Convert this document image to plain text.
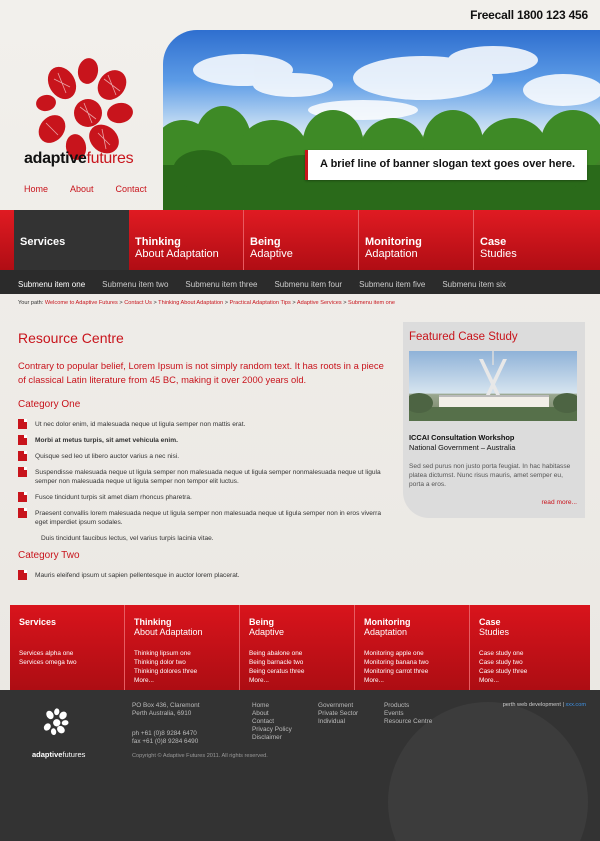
Freecall 1800 123 456
adaptivefutures
Home About Contact
A brief line of banner slogan text goes over here.
Services	Thinking
About Adaptation
Being
Adaptive
Monitoring
Adaptation
Case
Studies
Submenu item one Submenu item two Submenu item three Submenu item four Submenu item five Submenu item six
Your path: Welcome to Adaptive Futures > Contact Us > Thinking About Adaptation > Practical Adaptation Tips > Adaptive Services > Submenu item one
Resource Centre
Contrary to popular belief, Lorem Ipsum is not simply random text. It has roots in a piece of classical Latin literature from 45 BC, making it over 2000 years old.
Category One
Ut nec dolor enim, id malesuada neque ut ligula semper non mattis erat.
Morbi at metus turpis, sit amet vehicula enim.
Quisque sed leo ut libero auctor varius a nec nisi.
Suspendisse malesuada neque ut ligula semper non malesuada neque ut ligula semper nonmalesuada neque ut ligula semper non malesuada neque ut ligula semper non tempor elit luctus.
Fusce tincidunt turpis sit amet diam rhoncus pharetra.
Praesent convallis lorem malesuada neque ut ligula semper non malesuada neque ut ligula semper non in eros viverra eget imperdiet ipsum sodales.
Duis tincidunt faucibus lectus, vel varius turpis lacinia vitae.
Category Two
Mauris eleifend ipsum ut sapien pellentesque in auctor lorem placerat.
Featured Case Study
ICCAI Consultation Workshop
National Government – Australia
Sed sed purus non justo porta feugiat. In hac habitasse platea dictumst. Nunc risus mauris, amet semper eu, porta a eros.
read more...
Services
Services alpha one
Services omega two
Thinking
About Adaptation
Thinking lipsum one
Thinking dolor two
Thinking dolores three
More...
Being
Adaptive
Being abalone one
Being barnacle two
Being ceratus three
More...
Monitoring
Adaptation
Monitoring apple one
Monitoring banana two
Monitoring carrot three
More...
Case
Studies
Case study one
Case study two
Case study three
More...
adaptivefutures
PO Box 436, Claremont
Perth Australia, 6910
ph +61 (0)8 9284 6470
fax +61 (0)8 9284 6490
Home
About
Contact
Privacy Policy
Disclaimer
Government
Private Sector
Individual
Products
Events
Resource Centre
Copyright © Adaptive Futures 2011. All rights reserved.
perth web development | xxx.com
